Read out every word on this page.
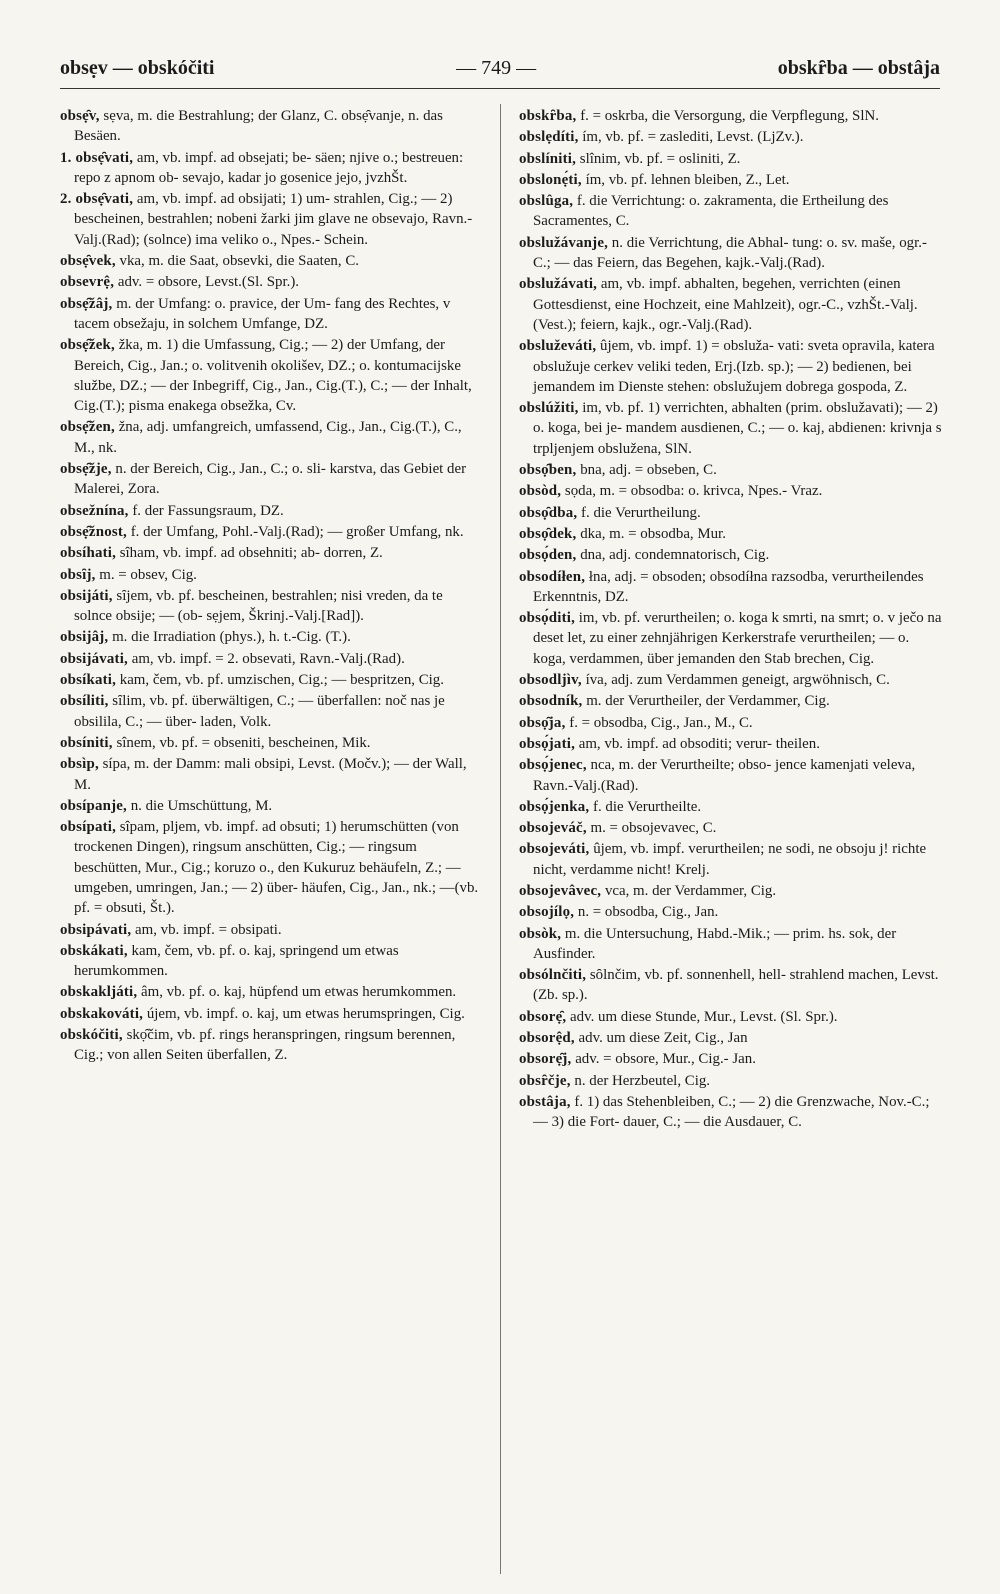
obsẹv — obskóčiti	— 749 —	obskȓba — obstâja
obsẹ̑v, sẹva, m. die Bestrahlung; der Glanz, C. obsẹ̑vanje, n. das Besäen.
1. obsẹ̑vati, am, vb. impf. ad obsejati; be- säen; njive o.; bestreuen: repo z apnom ob- sevajo, kadar jo gosenice jejo, jvzhŠt.
2. obsẹ̑vati, am, vb. impf. ad obsijati; 1) um- strahlen, Cig.; — 2) bescheinen, bestrahlen; nobeni žarki jim glave ne obsevajo, Ravn.- Valj.(Rad); (solnce) ima veliko o., Npes.- Schein.
obsẹ̑vek, vka, m. die Saat, obsevki, die Saaten, C.
obsevrệ, adv. = obsore, Levst.(Sl. Spr.).
obsẹ̑žâj, m. der Umfang: o. pravice, der Um- fang des Rechtes, v tacem obsežaju, in solchem Umfange, DZ.
obsẹ̑žek, žka, m. 1) die Umfassung, Cig.; — 2) der Umfang, der Bereich, Cig., Jan.; o. volitvenih okolišev, DZ.; o. kontumacijske službe, DZ.; — der Inbegriff, Cig., Jan., Cig.(T.), C.; — der Inhalt, Cig.(T.); pisma enakega obsežka, Cv.
obsẹ̑žen, žna, adj. umfangreich, umfassend, Cig., Jan., Cig.(T.), C., M., nk.
obsẹ̑žje, n. der Bereich, Cig., Jan., C.; o. sli- karstva, das Gebiet der Malerei, Zora.
obsežnína, f. der Fassungsraum, DZ.
obsẹ̑žnost, f. der Umfang, Pohl.-Valj.(Rad); — großer Umfang, nk.
obsíhati, sîham, vb. impf. ad obsehniti; ab- dorren, Z.
obsȋj, m. = obsev, Cig.
obsijáti, sȋjem, vb. pf. bescheinen, bestrahlen; nisi vreden, da te solnce obsije; — (ob- sẹjem, Škrinj.-Valj.[Rad]).
obsijâj, m. die Irradiation (phys.), h. t.-Cig. (T.).
obsijávati, am, vb. impf. = 2. obsevati, Ravn.-Valj.(Rad).
obsíkati, kam, čem, vb. pf. umzischen, Cig.; — bespritzen, Cig.
obsíliti, sȋlim, vb. pf. überwältigen, C.; — überfallen: noč nas je obsilila, C.; — über- laden, Volk.
obsíniti, sînem, vb. pf. = obseniti, bescheinen, Mik.
obsìp, sípa, m. der Damm: mali obsipi, Levst. (Močv.); — der Wall, M.
obsípanje, n. die Umschüttung, M.
obsípati, sîpam, pljem, vb. impf. ad obsuti; 1) herumschütten (von trockenen Dingen), ringsum anschütten, Cig.; — ringsum beschütten, Mur., Cig.; koruzo o., den Kukuruz behäufeln, Z.; — umgeben, umringen, Jan.; — 2) über- häufen, Cig., Jan., nk.; —(vb. pf. = obsuti, Št.).
obsipávati, am, vb. impf. = obsipati.
obskákati, kam, čem, vb. pf. o. kaj, springend um etwas herumkommen.
obskakljáti, âm, vb. pf. o. kaj, hüpfend um etwas herumkommen.
obskakováti, újem, vb. impf. o. kaj, um etwas herumspringen, Cig.
obskóčiti, skọ̑čim, vb. pf. rings heranspringen, ringsum berennen, Cig.; von allen Seiten überfallen, Z.
obskȓba, f. = oskrba, die Versorgung, die Verpflegung, SlN.
obslẹdíti, ím, vb. pf. = zaslediti, Levst. (LjZv.).
obslíniti, slînim, vb. pf. = osliniti, Z.
obslonẹ́ti, ím, vb. pf. lehnen bleiben, Z., Let.
obslûga, f. die Verrichtung: o. zakramenta, die Ertheilung des Sacramentes, C.
obslužávanje, n. die Verrichtung, die Abhal- tung: o. sv. maše, ogr.-C.; — das Feiern, das Begehen, kajk.-Valj.(Rad).
obslužávati, am, vb. impf. abhalten, begehen, verrichten (einen Gottesdienst, eine Hochzeit, eine Mahlzeit), ogr.-C., vzhŠt.-Valj.(Vest.); feiern, kajk., ogr.-Valj.(Rad).
obsluževáti, ûjem, vb. impf. 1) = obsluža- vati: sveta opravila, katera obslužuje cerkev veliki teden, Erj.(Izb. sp.); — 2) bedienen, bei jemandem im Dienste stehen: obslužujem dobrega gospoda, Z.
obslúžiti, im, vb. pf. 1) verrichten, abhalten (prim. obslužavati); — 2) o. koga, bei je- mandem ausdienen, C.; — o. kaj, abdienen: krivnja s trpljenjem obslužena, SlN.
obsọ̑ben, bna, adj. = obseben, C.
obsòd, sọda, m. = obsodba: o. krivca, Npes.- Vraz.
obsọ̑dba, f. die Verurtheilung.
obsọ̑dek, dka, m. = obsodba, Mur.
obsọ́den, dna, adj. condemnatorisch, Cig.
obsodíłen, łna, adj. = obsoden; obsodíłna razsodba, verurtheilendes Erkenntnis, DZ.
obsọ́diti, im, vb. pf. verurtheilen; o. koga k smrti, na smrt; o. v ječo na deset let, zu einer zehnjährigen Kerkerstrafe verurtheilen; — o. koga, verdammen, über jemanden den Stab brechen, Cig.
obsodljìv, íva, adj. zum Verdammen geneigt, argwöhnisch, C.
obsodník, m. der Verurtheiler, der Verdammer, Cig.
obsọ̑ja, f. = obsodba, Cig., Jan., M., C.
obsọ́jati, am, vb. impf. ad obsoditi; verur- theilen.
obsọ́jenec, nca, m. der Verurtheilte; obso- jence kamenjati veleva, Ravn.-Valj.(Rad).
obsọ́jenka, f. die Verurtheilte.
obsojeváč, m. = obsojevavec, C.
obsojeváti, ûjem, vb. impf. verurtheilen; ne sodi, ne obsoju j! richte nicht, verdamme nicht! Krelj.
obsojevâvec, vca, m. der Verdammer, Cig.
obsojílọ, n. = obsodba, Cig., Jan.
obsòk, m. die Untersuchung, Habd.-Mik.; — prim. hs. sok, der Ausfinder.
obsólnčiti, sȏlnčim, vb. pf. sonnenhell, hell- strahlend machen, Levst.(Zb. sp.).
obsorẹ̑, adv. um diese Stunde, Mur., Levst. (Sl. Spr.).
obsorệd, adv. um diese Zeit, Cig., Jan
obsorẹ̑j, adv. = obsore, Mur., Cig.- Jan.
obsȓčje, n. der Herzbeutel, Cig.
obstâja, f. 1) das Stehenbleiben, C.; — 2) die Grenzwache, Nov.-C.; — 3) die Fort- dauer, C.; — die Ausdauer, C.
